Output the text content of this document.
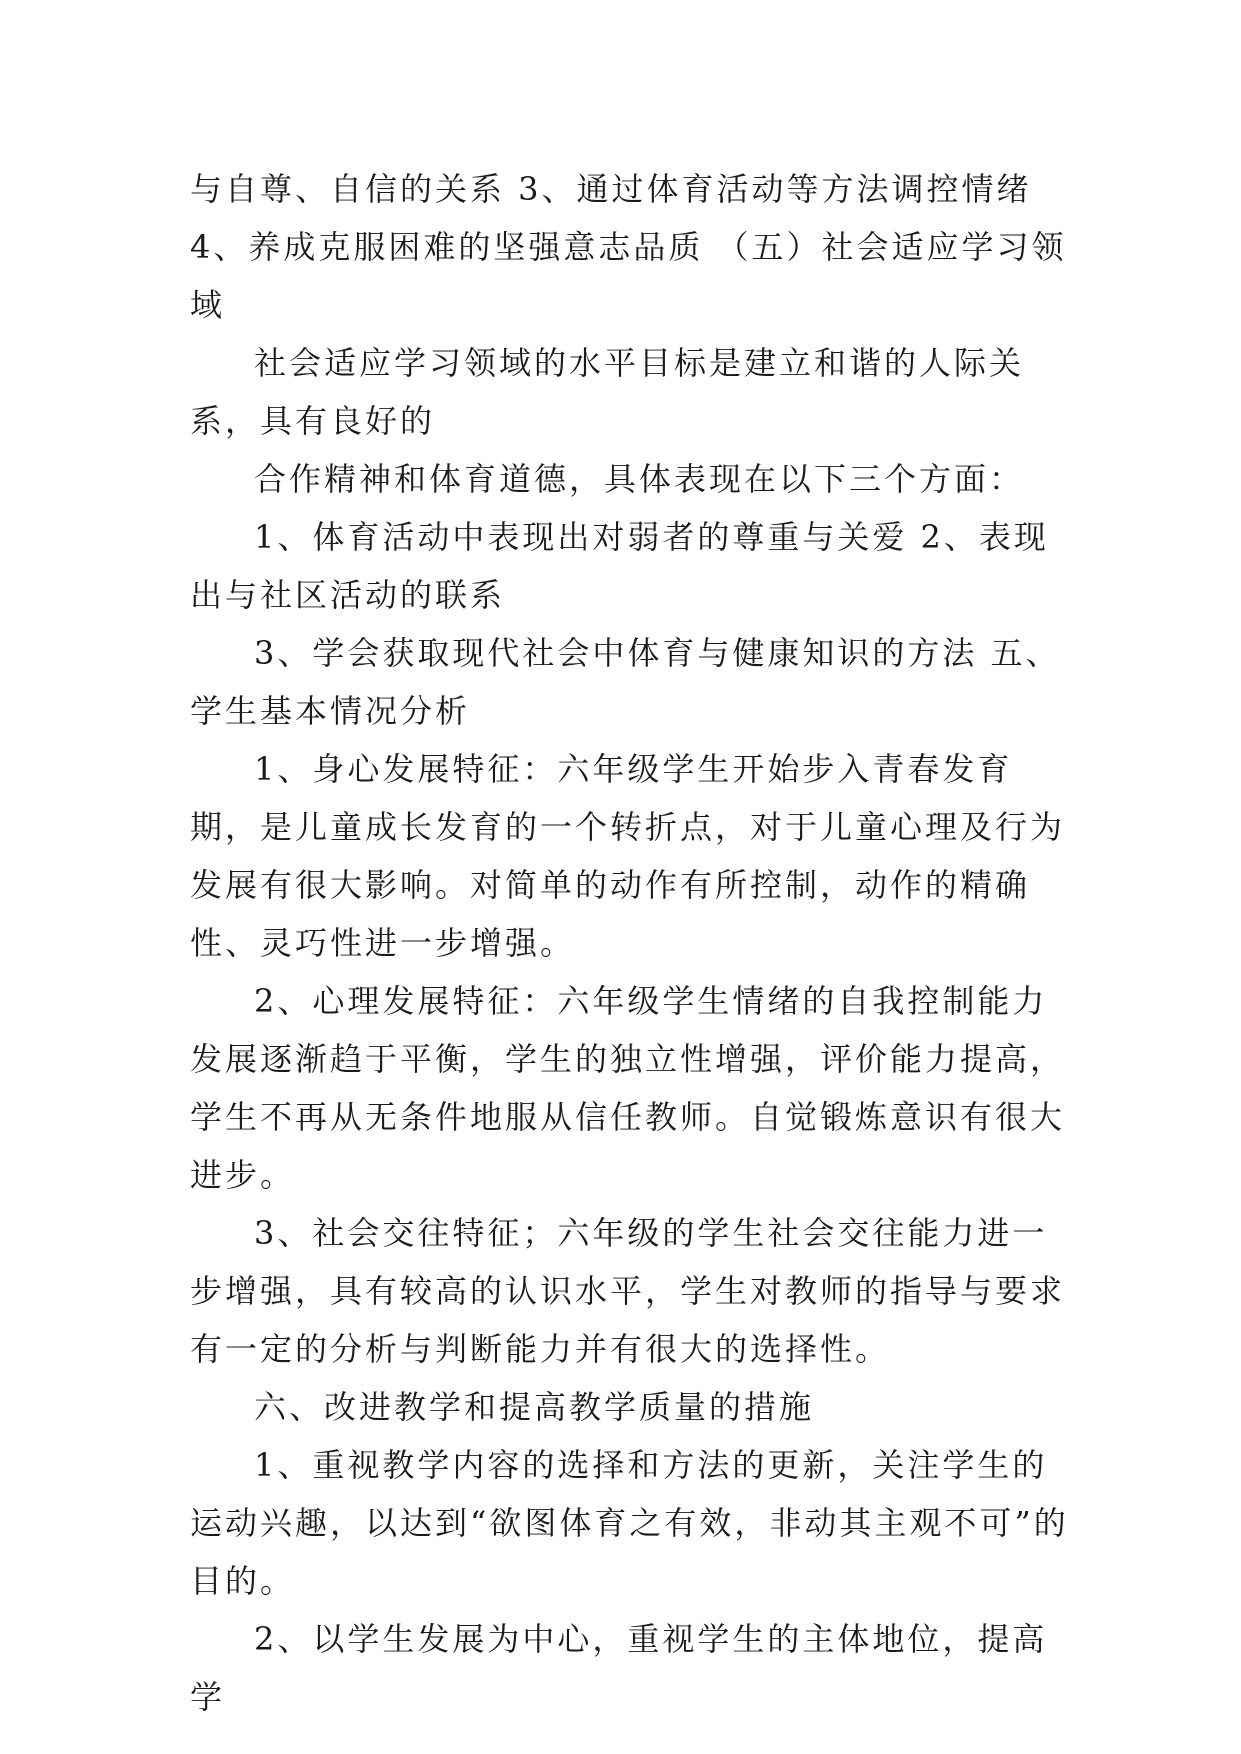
与自尊、自信的关系 3、通过体育活动等方法调控情绪 4、养成克服困难的坚强意志品质 （五）社会适应学习领域

社会适应学习领域的水平目标是建立和谐的人际关系，具有良好的

合作精神和体育道德，具体表现在以下三个方面：

1、体育活动中表现出对弱者的尊重与关爱 2、表现出与社区活动的联系

3、学会获取现代社会中体育与健康知识的方法 五、学生基本情况分析

1、身心发展特征：六年级学生开始步入青春发育期，是儿童成长发育的一个转折点，对于儿童心理及行为发展有很大影响。对简单的动作有所控制，动作的精确性、灵巧性进一步增强。

2、心理发展特征：六年级学生情绪的自我控制能力发展逐渐趋于平衡，学生的独立性增强，评价能力提高，学生不再从无条件地服从信任教师。自觉锻炼意识有很大进步。

3、社会交往特征；六年级的学生社会交往能力进一步增强，具有较高的认识水平，学生对教师的指导与要求有一定的分析与判断能力并有很大的选择性。

六、改进教学和提高教学质量的措施

1、重视教学内容的选择和方法的更新，关注学生的运动兴趣，以达到“欲图体育之有效，非动其主观不可”的目的。

2、以学生发展为中心，重视学生的主体地位，提高学
